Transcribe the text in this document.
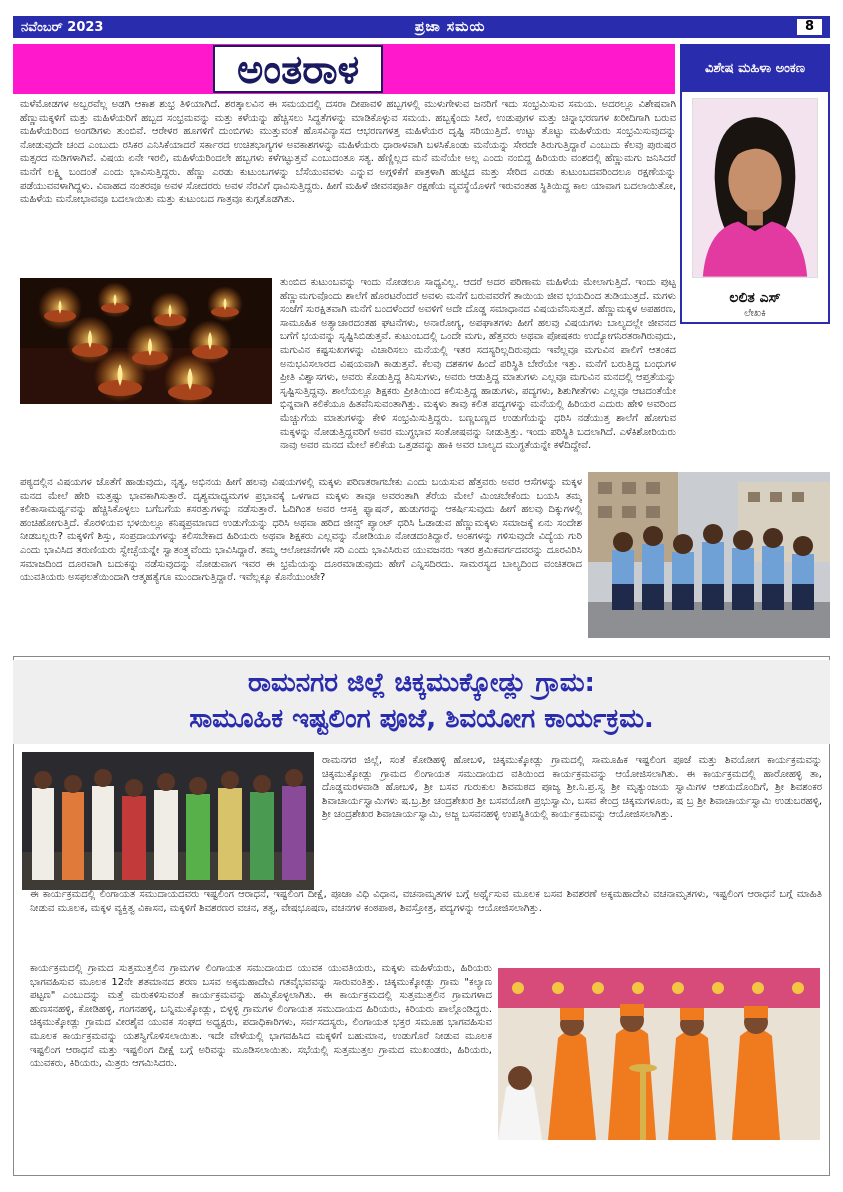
ನವೆಂಬರ್ 2023	ಪ್ರಜಾ ಸಮಯ	8
ಅಂತರಾಳ	ವಿಶೇಷ ಮಹಿಳಾ ಅಂಕಣ
ಲಲಿತ ಎಸ್
ಲೇಖಕಿ

ಮಳೆಮೋಡಗಳ ಅಬ್ಬರವೆಲ್ಲ ಅಡಗಿ ಆಕಾಶ ಶುಭ್ರ ತಿಳಿಯಾಗಿದೆ. ಶರತ್ಕಾಲವಿನ ಈ ಸಮಯದಲ್ಲಿ ದಸರಾ ದೀಪಾವಳಿ ಹಬ್ಬಗಳಲ್ಲಿ ಮುಳುಗೇಳುವ ಜನರಿಗೆ ಇದು ಸಂಭ್ರಮಿಸುವ ಸಮಯ. ಅದರಲ್ಲೂ ವಿಶೇಷವಾಗಿ ಹೆಣ್ಣುಮಕ್ಕಳಿಗೆ ಮತ್ತು ಮಹಿಳೆಯರಿಗೆ ಹಬ್ಬದ ಸಂಭ್ರಮವನ್ನು ಮತ್ತು ಕಳೆಯನ್ನು ಹೆಚ್ಚಿಸಲು ಸಿದ್ಧತೆಗಳನ್ನು ಮಾಡಿಕೊಳ್ಳುವ ಸಮಯ. ಹಬ್ಬಕ್ಕೆಂದು ಸೀರೆ, ಉಡುಪುಗಳ ಮತ್ತು ಚಿನ್ನಾಭರಣಗಳ ಖರೀದಿಗಾಗಿ ಬರುವ ಮಹಿಳೆಯರಿಂದ ಅಂಗಡಿಗಳು ತುಂಬಿವೆ. ಆರೇಳರ ಹೂಗಳಿಗೆ ದುಂಬಿಗಳು ಮುತ್ತುವಂತೆ ಹೊಸವಿನ್ಯಾಸದ ಆಭರಣಗಳತ್ತ ಮಹಿಳೆಯರ ದೃಷ್ಟಿ ಸರಿಯುತ್ತಿದೆ. ಉಟ್ಟು ತೊಟ್ಟು ಮಹಿಳೆಯರು ಸಂಭ್ರಮಿಸುವುದನ್ನು ನೋಡುವುದೇ ಚಂದ ಎಂಬುದು ರಸಿಕರ ಎನಿಸಿಕೆಯಾದರೆ ಸರ್ಕಾರದ ಉಚಿತಭಾಗ್ಯಗಳ ಅವಕಾಶಗಳನ್ನು ಮಹಿಳೆಯರು ಧಾರಾಳವಾಗಿ ಬಳಸಿಕೊಂಡು ಮನೆಯನ್ನು ಸೇರದೇ ತಿರುಗುತ್ತಿದ್ದಾರೆ ಎಂಬುದು ಕೆಲವು ಪುರುಷರ ಮತ್ಸರದ ನುಡಿಗಳಾಗಿವೆ. ವಿಷಯ ಏನೇ ಇರಲಿ, ಮಹಿಳೆಯರಿಂದಲೇ ಹಬ್ಬಗಳು ಕಳೆಗಟ್ಟುತ್ತವೆ ಎಂಬುದಂತೂ ಸತ್ಯ. ಹೆಣ್ಣಿಲ್ಲದ ಮನೆ ಮನೆಯೇ ಅಲ್ಲ ಎಂದು ನಂಬಿದ್ದ ಹಿರಿಯರು ವಂಶದಲ್ಲಿ ಹೆಣ್ಣುಮಗು ಜನಿಸಿದರೆ ಮನೆಗೆ ಲಕ್ಷ್ಮಿ ಬಂದಂತೆ ಎಂದು ಭಾವಿಸುತ್ತಿದ್ದರು. ಹೆಣ್ಣು ಎರಡು ಕುಟುಂಬಗಳನ್ನು ಬೆಸೆಯುವವಳು ಎನ್ನುವ ಅಗ್ಗಳಿಕೆಗೆ ಪಾತ್ರಳಾಗಿ ಹುಟ್ಟಿದ ಮತ್ತು ಸೇರಿದ ಎರಡು ಕುಟುಂಬದವರಿಂದಲೂ ರಕ್ಷಣೆಯನ್ನು ಪಡೆಯುವವಳಾಗಿದ್ದಳು. ವಿವಾಹದ ನಂತರವೂ ಅವಳ ಸೋದರರು ಅವಳ ನೆರವಿಗೆ ಧಾವಿಸುತ್ತಿದ್ದರು. ಹೀಗೆ ಮಹಿಳೆ ಜೀವನಪೂರ್ತಿ ರಕ್ಷಣೆಯ ವ್ಯವಸ್ಥೆಯೊಳಗೆ ಇರುವಂತಹ ಸ್ಥಿತಿಯಿದ್ದ ಕಾಲ ಯಾವಾಗ ಬದಲಾಯಿತೋ, ಮಹಿಳೆಯ ಮನೋಭಾವವೂ ಬದಲಾಯಿತು ಮತ್ತು ಕುಟುಂಬದ ಗಾತ್ರವೂ ಕುಗ್ಗತೊಡಗಿತು.

ತುಂಬಿದ ಕುಟುಂಬವನ್ನು ಇಂದು ನೋಡಲೂ ಸಾಧ್ಯವಿಲ್ಲ. ಆದರೆ ಅದರ ಪರಿಣಾಮ ಮಹಿಳೆಯ ಮೇಲಾಗುತ್ತಿದೆ. ಇಂದು ಪುಟ್ಟ ಹೆಣ್ಣುಮಗುವೊಂದು ಶಾಲೆಗೆ ಹೊರಟರೆಂದರೆ ಅವಳು ಮನೆಗೆ ಬರುವವರೆಗೆ ತಾಯಿಯ ಜೀವ ಭಯದಿಂದ ತುಡಿಯುತ್ತದೆ. ಮಗಳು ಸಂಜೆಗೆ ಸುರಕ್ಷಿತವಾಗಿ ಮನೆಗೆ ಬಂದಳೆಂದರೆ ಅವಳಿಗೆ ಅದೇ ದೊಡ್ಡ ಸಮಾಧಾನದ ವಿಷಯವೆನಿಸುತ್ತದೆ. ಹೆಣ್ಣುಮಕ್ಕಳ ಅಪಹರಣ, ಸಾಮೂಹಿಕ ಅತ್ಯಾಚಾರದಂತಹ ಘಟನೆಗಳು, ಅನಾರೋಗ್ಯ, ಅಪಘಾತಗಳು ಹೀಗೆ ಹಲವು ವಿಷಯಗಳು ಬಾಲ್ಯದಲ್ಲೇ ಜೀವನದ ಬಗೆಗೆ ಭಯವನ್ನು ಸೃಷ್ಟಿಸಿಬಿಡುತ್ತವೆ. ಕುಟುಂಬದಲ್ಲಿ ಒಂದೇ ಮಗು, ಹೆತ್ತವರು ಅಥವಾ ಪೋಷಕರು ಉದ್ಯೋಗನಿರತರಾಗಿರುವುದು, ಮಗುವಿನ ಕಷ್ಟಸುಖಗಳನ್ನು ವಿಚಾರಿಸಲು ಮನೆಯಲ್ಲಿ ಇತರ ಸದಸ್ಯರಿಲ್ಲದಿರುವುದು ಇವೆಲ್ಲವೂ ಮಗುವಿನ ಪಾಲಿಗೆ ಆತಂಕದ ಅನುಭವಿಸಲಾರದ ವಿಷಯವಾಗಿ ಕಾಡುತ್ತವೆ. ಕೆಲವು ದಶಕಗಳ ಹಿಂದೆ ಪರಿಸ್ಥಿತಿ ಬೇರೆಯೇ ಇತ್ತು. ಮನೆಗೆ ಬರುತ್ತಿದ್ದ ಬಂಧುಗಳ ಪ್ರೀತಿ ವಿಶ್ವಾಸಗಳು, ಅವರು ಕೊಡುತ್ತಿದ್ದ ತಿನಿಸುಗಳು, ಅವರು ಆಡುತ್ತಿದ್ದ ಮಾತುಗಳು ಎಲ್ಲವೂ ಮಗುವಿನ ಮನದಲ್ಲಿ ಆಪ್ತತೆಯನ್ನು ಸೃಷ್ಟಿಸುತ್ತಿದ್ದವು. ಶಾಲೆಯಲ್ಲೂ ಶಿಕ್ಷಕರು ಪ್ರೀತಿಯಿಂದ ಕಲಿಸುತ್ತಿದ್ದ ಹಾಡುಗಳು, ಪದ್ಯಗಳು, ಶಿಶುಗೀತೆಗಳು ಎಲ್ಲವೂ ಆಟದಂತೆಯೇ ಭಿನ್ನವಾಗಿ ಕಲಿಕೆಯೂ ಹಿತವೆನಿಸುವಂತಾಗಿತ್ತು. ಮಕ್ಕಳು ತಾವು ಕಲಿತ ಪದ್ಯಗಳನ್ನು ಮನೆಯಲ್ಲಿ ಹಿರಿಯರ ಎದುರು ಹೇಳಿ ಅವರಿಂದ ಮೆಚ್ಚುಗೆಯ ಮಾತುಗಳನ್ನು ಕೇಳಿ ಸಂಭ್ರಮಿಸುತ್ತಿದ್ದರು. ಬಣ್ಣಬಣ್ಣದ ಉಡುಗೆಯನ್ನು ಧರಿಸಿ ನಡೆಯುತ್ತ ಶಾಲೆಗೆ ಹೋಗುವ ಮಕ್ಕಳನ್ನು ನೋಡುತ್ತಿದ್ದವರಿಗೆ ಅವರ ಮುಗ್ಧಭಾವ ಸಂತೋಷವನ್ನು ನೀಡುತ್ತಿತ್ತು. ಇಂದು ಪರಿಸ್ಥಿತಿ ಬದಲಾಗಿದೆ. ಎಳೆಕಿಶೋರಿಯರು ನಾವು ಅವರ ಮನದ ಮೇಲೆ ಕಲಿಕೆಯ ಒತ್ತಡವನ್ನು ಹಾಕಿ ಅವರ ಬಾಲ್ಯದ ಮುಗ್ಧತೆಯನ್ನೇ ಕಳೆದಿದ್ದೇವೆ.

ಪಠ್ಯದಲ್ಲಿನ ವಿಷಯಗಳ ಜೊತೆಗೆ ಹಾಡುವುದು, ನೃತ್ಯ, ಅಭಿನಯ ಹೀಗೆ ಹಲವು ವಿಷಯಗಳಲ್ಲಿ ಮಕ್ಕಳು ಪರಿಣತರಾಗಬೇಕು ಎಂದು ಬಯಸುವ ಹೆತ್ತವರು ಅವರ ಆಸೆಗಳನ್ನು ಮಕ್ಕಳ ಮನದ ಮೇಲೆ ಹೇರಿ ಮತ್ತಷ್ಟು ಭಾವಕಾಗಿಸುತ್ತಾರೆ. ದೃಶ್ಯಮಾಧ್ಯಮಗಳ ಪ್ರಭಾವಕ್ಕೆ ಒಳಗಾದ ಮಕ್ಕಳು ತಾವೂ ಅವರಂತಾಗಿ ತೆರೆಯ ಮೇಲೆ ಮಿಂಚಬೇಕೆಂದು ಬಯಸಿ ತಮ್ಮ ಕಲಿಕಾಸಾಮರ್ಥ್ಯವನ್ನು ಹೆಚ್ಚಿಸಿಕೊಳ್ಳಲು ಬಗೆಬಗೆಯ ಕಸರತ್ತುಗಳನ್ನು ನಡೆಸುತ್ತಾರೆ. ಓದಿಗಿಂತ ಅವರ ಆಸಕ್ತಿ ಫ್ಯಾಷನ್, ಹುಡುಗರನ್ನು ಆಕರ್ಷಿಸುವುದು ಹೀಗೆ ಹಲವು ದಿಕ್ಕುಗಳಲ್ಲಿ ಹಂಚಿಹೋಗುತ್ತಿದೆ. ಕೊರಳಿಯವ ಭಳಯಿಲ್ಲೂ ಕನಿಷ್ಠಪ್ರಮಾಣದ ಉಡುಗೆಯನ್ನು ಧರಿಸಿ ಅಥವಾ ಹರಿದ ಜೀನ್ಸ್ ಪ್ಯಾಂಟ್ ಧರಿಸಿ ಓಡಾಡುವ ಹೆಣ್ಣುಮಕ್ಕಳು ಸಮಾಜಕ್ಕೆ ಏನು ಸಂದೇಶ ನೀಡಬಲ್ಲರು? ಮಕ್ಕಳಿಗೆ ಶಿಸ್ತು, ಸಂಪ್ರದಾಯಗಳನ್ನು ಕಲಿಸಬೇಕಾದ ಹಿರಿಯರು ಅಥವಾ ಶಿಕ್ಷಕರು ಎಲ್ಲವನ್ನು ನೋಡಿಯೂ ನೋಡದಂತಿದ್ದಾರೆ. ಅಂಕಗಳನ್ನು ಗಳಿಸುವುದೇ ವಿದ್ಯೆಯ ಗುರಿ ಎಂದು ಭಾವಿಸಿದ ತರುಣಿಯರು ಸ್ವೇಚ್ಛೆಯನ್ನೇ ಸ್ವಾತಂತ್ರ್ಯವೆಂದು ಭಾವಿಸಿದ್ದಾರೆ. ತಮ್ಮ ಆಲೋಚನೆಗಳೇ ಸರಿ ಎಂದು ಭಾವಿಸಿರುವ ಯುವಜನರು ಇತರ ಶ್ರಮಿಕವರ್ಗದವರನ್ನು ದೂರವಿರಿಸಿ ಸಮಾಜದಿಂದ ದೂರವಾಗಿ ಬದುಕನ್ನು ನಡೆಸುವುದನ್ನು ನೋಡುವಾಗ ಇವರ ಈ ಭ್ರಮೆಯನ್ನು ದೂರಮಾಡುವುದು ಹೇಗೆ ಎನ್ನಿಸದಿರದು. ಸಾಮರಸ್ಯದ ಬಾಲ್ಯದಿಂದ ವಂಚಿತರಾದ ಯುವತಿಯರು ಅಸಫಲತೆಯಿಂದಾಗಿ ಆತ್ಮಹತ್ಯೆಗೂ ಮುಂದಾಗುತ್ತಿದ್ದಾರೆ. ಇವೆಲ್ಲಕ್ಕೂ ಕೊನೆಯುಂಟೇ?

ರಾಮನಗರ ಜಿಲ್ಲೆ ಚಿಕ್ಕಮುಕ್ಕೋಡ್ಲು ಗ್ರಾಮ:
ಸಾಮೂಹಿಕ ಇಷ್ಟಲಿಂಗ ಪೂಜೆ, ಶಿವಯೋಗ ಕಾರ್ಯಕ್ರಮ.

ರಾಮನಗರ ಜಿಲ್ಲೆ, ಸಂತೆ ಕೋಡಿಹಳ್ಳಿ ಹೋಬಳಿ, ಚಿಕ್ಕಮುಕ್ಕೋಡ್ಲು ಗ್ರಾಮದಲ್ಲಿ ಸಾಮೂಹಿಕ ಇಷ್ಟಲಿಂಗ ಪೂಜೆ ಮತ್ತು ಶಿವಯೋಗ ಕಾರ್ಯಕ್ರಮವನ್ನು ಚಿಕ್ಕಮುಕ್ಕೋಡ್ಲು ಗ್ರಾಮದ ಲಿಂಗಾಯತ ಸಮುದಾಯದ ವತಿಯಿಂದ ಕಾರ್ಯಕ್ರಮವನ್ನು ಆಯೋಜಿಸಲಾಗಿತು. ಈ ಕಾರ್ಯಕ್ರಮದಲ್ಲಿ ಹಾರೋಹಳ್ಳಿ ತಾ, ದೊಡ್ಡಮರಳವಾಡಿ ಹೋಬಳಿ, ಶ್ರೀ ಬಸವ ಗುರುಕುಲ ಶಿವಮಠದ ಪೂಜ್ಯ ಶ್ರೀ.ನಿ.ಪ್ರ.ಸ್ವ ಶ್ರೀ ಮೃತ್ಯುಂಜಯ ಸ್ವಾಮಿಗಳ ಆಶಯದೊಂದಿಗೆ, ಶ್ರೀ ಶಿವಶಂಕರ ಶಿವಾಚಾರ್ಯಸ್ವಾಮಿಗಳು ಷ.ಬ್ರ.ಶ್ರೀ ಚಂದ್ರಶೇಖರ ಶ್ರೀ ಬಸವಯೋಗಿ ಪ್ರಭುಸ್ವಾಮಿ, ಬಸವ ಕೇಂದ್ರ ಚಿಕ್ಕಮಗಳೂರು, ಷ ಬ್ರ ಶ್ರೀ ಶಿವಾಚಾರ್ಯಸ್ವಾಮಿ ಉಡುಬರಹಳ್ಳಿ, ಶ್ರೀ ಚಂದ್ರಶೇಖರ ಶಿವಾಚಾರ್ಯಸ್ವಾಮಿ, ಅಜ್ಜ ಬಸವನಹಳ್ಳಿ ಉಪಸ್ಥಿತಿಯಲ್ಲಿ ಕಾರ್ಯಕ್ರಮವನ್ನು ಆಯೋಜಿಸಲಾಗಿತ್ತು.

ಈ ಕಾರ್ಯಕ್ರಮದಲ್ಲಿ ಲಿಂಗಾಯತ ಸಮುದಾಯದವರು ಇಷ್ಟಲಿಂಗ ಆರಾಧನೆ, ಇಷ್ಟಲಿಂಗ ದೀಕ್ಷೆ, ಪೂಜಾ ವಿಧಿ ವಿಧಾನ, ವಚನಾಮೃತಗಳ ಬಗ್ಗೆ ಅರ್ಥೈಸುವ ಮೂಲಕ ಬಸವ ಶಿವಶರಣೆ ಅಕ್ಕಮಹಾದೇವಿ ವಚನಾಮೃತಗಳು, ಇಷ್ಟಲಿಂಗ ಆರಾಧನೆ ಬಗ್ಗೆ ಮಾಹಿತಿ ನೀಡುವ ಮೂಲಕ, ಮಕ್ಕಳ ವ್ಯಕ್ತಿತ್ವ ವಿಕಾಸನ, ಮಕ್ಕಳಿಗೆ ಶಿವಶರಣರ ವಚನ, ತತ್ವ, ವೇಷಭೂಷಣ, ವಚನಗಳ ಕಂಠಪಾಠ, ಶಿವಸ್ತೋತ್ರ, ಪದ್ಯಗಳನ್ನು ಆಯೋಜಿಸಲಾಗಿತ್ತು.

ಕಾರ್ಯಕ್ರಮದಲ್ಲಿ ಗ್ರಾಮದ ಸುತ್ತಮುತ್ತಲಿನ ಗ್ರಾಮಗಳ ಲಿಂಗಾಯತ ಸಮುದಾಯದ ಯುವಕ ಯುವತಿಯರು, ಮಕ್ಕಳು ಮಹಿಳೆಯರು, ಹಿರಿಯರು ಭಾಗವಹಿಸುವ ಮೂಲಕ 12ನೇ ಶತಮಾನದ ಶರಣ ಬಸವ ಅಕ್ಕಮಹಾದೇವಿ ಗತವೈಭವವನ್ನು ಸಾರುವಂತಿತ್ತು. ಚಿಕ್ಕಮುಕ್ಕೋಡ್ಲು ಗ್ರಾಮ "ಕಲ್ಯಾಣ ಪಟ್ಟಣ" ಎಂಬುದನ್ನು ಮತ್ತೆ ಮರುಕಳಿಸುವಂತೆ ಕಾರ್ಯಕ್ರಮವನ್ನು ಹಮ್ಮಿಕೊಳ್ಳಲಾಗಿತು. ಈ ಕಾರ್ಯಕ್ರಮದಲ್ಲಿ ಸುತ್ತಮುತ್ತಲಿನ ಗ್ರಾಮಗಳಾದ ಹುಣಸನಹಳ್ಳಿ, ಕೋಡಿಹಳ್ಳಿ, ಗಂಗನಹಳ್ಳಿ, ಬನ್ನಿಮುಕ್ಕೋಡ್ಲು, ಬಿಳ್ಳಳ್ಳಿ ಗ್ರಾಮಗಳ ಲಿಂಗಾಯತ ಸಮುದಾಯದ ಹಿರಿಯರು, ಕಿರಿಯರು ಪಾಲ್ಗೊಂಡಿದ್ದರು. ಚಿಕ್ಕಮುಕ್ಕೋಡ್ಲು ಗ್ರಾಮದ ವೀರಶೈವ ಯುವಕ ಸಂಘದ ಅಧ್ಯಕ್ಷರು, ಪದಾಧಿಕಾರಿಗಳು, ಸರ್ವಸದಸ್ಯರು, ಲಿಂಗಾಯತ ಭಕ್ತರ ಸಮೂಹ ಭಾಗವಹಿಸುವ ಮೂಲಕ ಕಾರ್ಯಕ್ರಮವನ್ನು ಯಶಸ್ವಿಗೊಳಿಸಲಾಯಿತು. ಇದೇ ವೇಳೆಯಲ್ಲಿ ಭಾಗವಹಿಸಿದ ಮಕ್ಕಳಿಗೆ ಬಹುಮಾನ, ಉಡುಗೊರೆ ನೀಡುವ ಮೂಲಕ ಇಷ್ಟಲಿಂಗ ಆರಾಧನೆ ಮತ್ತು ಇಷ್ಟಲಿಂಗ ದೀಕ್ಷೆ ಬಗ್ಗೆ ಅರಿವನ್ನು ಮೂಡಿಸಲಾಯಿತು. ಸಭೆಯಲ್ಲಿ ಸುತ್ತಮುತ್ತಲ ಗ್ರಾಮದ ಮುಖಂಡರು, ಹಿರಿಯರು, ಯುವಕರು, ಕಿರಿಯರು, ಮಿತ್ರರು ಆಗಮಿಸಿದರು.
